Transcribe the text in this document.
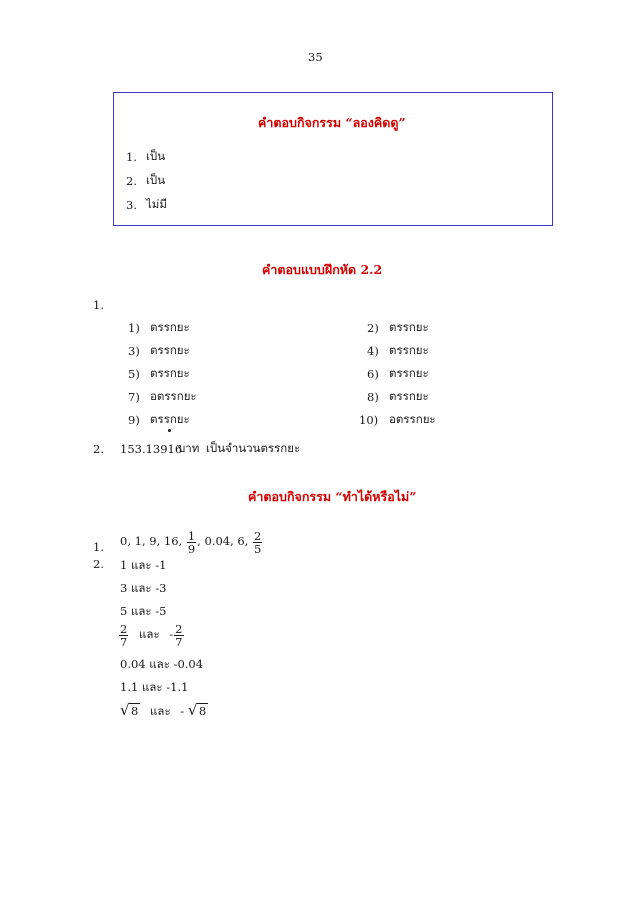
35
คำตอบกิจกรรม “ลองคิดดู”
1. เป็น
2. เป็น
3. ไม่มี
คำตอบแบบฝึกหัด 2.2
1.
1) ตรรกยะ
3) ตรรกยะ
5) ตรรกยะ
7) อตรรกยะ
9) ตรรกยะ
2) ตรรกยะ
4) ตรรกยะ
6) ตรรกยะ
8) ตรรกยะ
10) อตรรกยะ
2. 153.13916
บาท เป็นจำนวนตรรกยะ
คำตอบกิจกรรม “ทำได้หรือไม่”
1. 0, 1, 9, 16, $\frac{1}{9}$ , 0.04, 6, $\frac{2}{5}$
2. 1 และ -1
3 และ -3
5 และ -5
$\frac{2}{7}$ และ - $\frac{2}{7}$
0.04 และ -0.04
1.1 และ -1.1
√ 8 และ - √ 8
